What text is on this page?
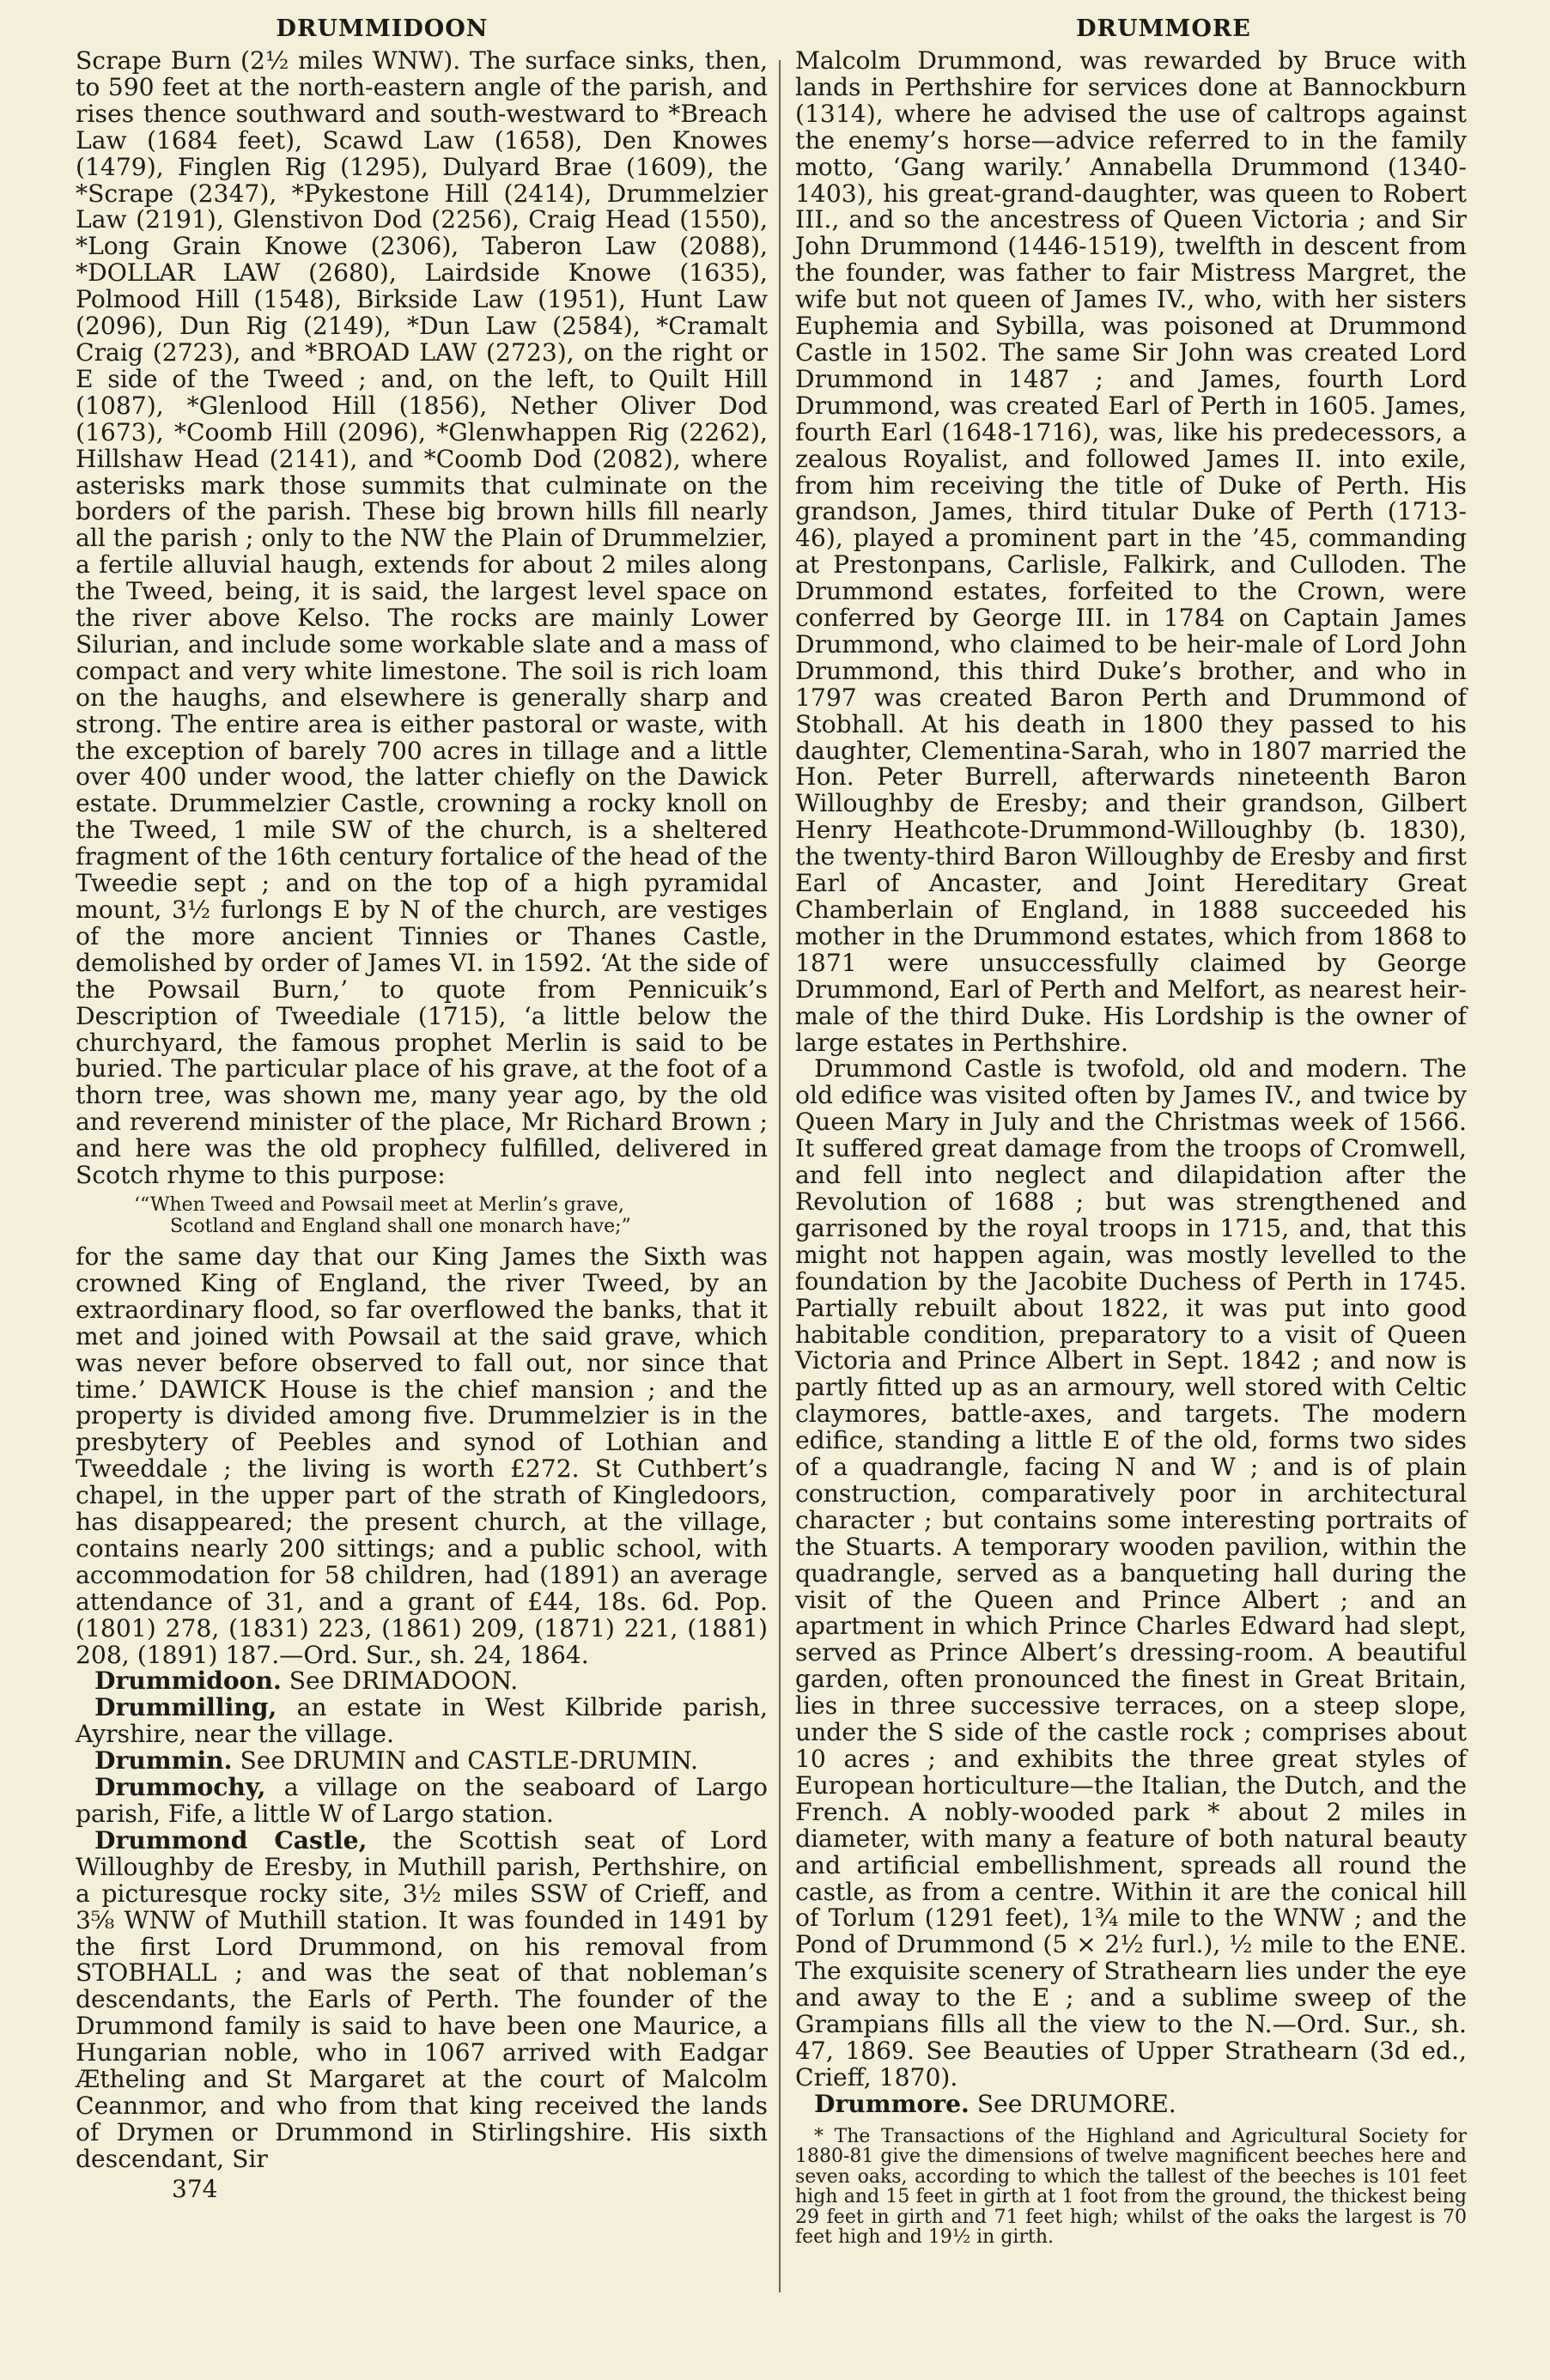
DRUMMIDOON	DRUMMORE

Scrape Burn (2½ miles WNW). The surface sinks, then, to 590 feet at the north-eastern angle of the parish, and rises thence southward and south-westward to *Breach Law (1684 feet), Scawd Law (1658), Den Knowes (1479), Finglen Rig (1295), Dulyard Brae (1609), the *Scrape (2347), *Pykestone Hill (2414), Drummelzier Law (2191), Glenstivon Dod (2256), Craig Head (1550), *Long Grain Knowe (2306), Taberon Law (2088), *DOLLAR LAW (2680), Lairdside Knowe (1635), Polmood Hill (1548), Birkside Law (1951), Hunt Law (2096), Dun Rig (2149), *Dun Law (2584), *Cramalt Craig (2723), and *BROAD LAW (2723), on the right or E side of the Tweed ; and, on the left, to Quilt Hill (1087), *Glenlood Hill (1856), Nether Oliver Dod (1673), *Coomb Hill (2096), *Glenwhappen Rig (2262), Hillshaw Head (2141), and *Coomb Dod (2082), where asterisks mark those summits that culminate on the borders of the parish. These big brown hills fill nearly all the parish ; only to the NW the Plain of Drummelzier, a fertile alluvial haugh, extends for about 2 miles along the Tweed, being, it is said, the largest level space on the river above Kelso. The rocks are mainly Lower Silurian, and include some workable slate and a mass of compact and very white limestone. The soil is rich loam on the haughs, and elsewhere is generally sharp and strong. The entire area is either pastoral or waste, with the exception of barely 700 acres in tillage and a little over 400 under wood, the latter chiefly on the Dawick estate. Drummelzier Castle, crowning a rocky knoll on the Tweed, 1 mile SW of the church, is a sheltered fragment of the 16th century fortalice of the head of the Tweedie sept ; and on the top of a high pyramidal mount, 3½ furlongs E by N of the church, are vestiges of the more ancient Tinnies or Thanes Castle, demolished by order of James VI. in 1592. ‘At the side of the Powsail Burn,’ to quote from Pennicuik’s Description of Tweediale (1715), ‘a little below the churchyard, the famous prophet Merlin is said to be buried. The particular place of his grave, at the foot of a thorn tree, was shown me, many year ago, by the old and reverend minister of the place, Mr Richard Brown ; and here was the old prophecy fulfilled, delivered in Scotch rhyme to this purpose:

‘“When Tweed and Powsail meet at Merlin’s grave,

Scotland and England shall one monarch have;”

for the same day that our King James the Sixth was crowned King of England, the river Tweed, by an extraordinary flood, so far overflowed the banks, that it met and joined with Powsail at the said grave, which was never before observed to fall out, nor since that time.’ DAWICK House is the chief mansion ; and the property is divided among five. Drummelzier is in the presbytery of Peebles and synod of Lothian and Tweeddale ; the living is worth £272. St Cuthbert’s chapel, in the upper part of the strath of Kingledoors, has disappeared; the present church, at the village, contains nearly 200 sittings; and a public school, with accommodation for 58 children, had (1891) an average attendance of 31, and a grant of £44, 18s. 6d. Pop. (1801) 278, (1831) 223, (1861) 209, (1871) 221, (1881) 208, (1891) 187.—Ord. Sur., sh. 24, 1864.

Drummidoon. See DRIMADOON.

Drummilling, an estate in West Kilbride parish, Ayrshire, near the village.

Drummin. See DRUMIN and CASTLE-DRUMIN.

Drummochy, a village on the seaboard of Largo parish, Fife, a little W of Largo station.

Drummond Castle, the Scottish seat of Lord Willoughby de Eresby, in Muthill parish, Perthshire, on a picturesque rocky site, 3½ miles SSW of Crieff, and 3⅝ WNW of Muthill station. It was founded in 1491 by the first Lord Drummond, on his removal from STOBHALL ; and was the seat of that nobleman’s descendants, the Earls of Perth. The founder of the Drummond family is said to have been one Maurice, a Hungarian noble, who in 1067 arrived with Eadgar Ætheling and St Margaret at the court of Malcolm Ceannmor, and who from that king received the lands of Drymen or Drummond in Stirlingshire. His sixth descendant, Sir

374

Malcolm Drummond, was rewarded by Bruce with lands in Perthshire for services done at Bannockburn (1314), where he advised the use of caltrops against the enemy’s horse—advice referred to in the family motto, ‘Gang warily.’ Annabella Drummond (1340-1403), his great-grand-daughter, was queen to Robert III., and so the ancestress of Queen Victoria ; and Sir John Drummond (1446-1519), twelfth in descent from the founder, was father to fair Mistress Margret, the wife but not queen of James IV., who, with her sisters Euphemia and Sybilla, was poisoned at Drummond Castle in 1502. The same Sir John was created Lord Drummond in 1487 ; and James, fourth Lord Drummond, was created Earl of Perth in 1605. James, fourth Earl (1648-1716), was, like his predecessors, a zealous Royalist, and followed James II. into exile, from him receiving the title of Duke of Perth. His grandson, James, third titular Duke of Perth (1713-46), played a prominent part in the ’45, commanding at Prestonpans, Carlisle, Falkirk, and Culloden. The Drummond estates, forfeited to the Crown, were conferred by George III. in 1784 on Captain James Drummond, who claimed to be heir-male of Lord John Drummond, this third Duke’s brother, and who in 1797 was created Baron Perth and Drummond of Stobhall. At his death in 1800 they passed to his daughter, Clementina-Sarah, who in 1807 married the Hon. Peter Burrell, afterwards nineteenth Baron Willoughby de Eresby; and their grandson, Gilbert Henry Heathcote-Drummond-Willoughby (b. 1830), the twenty-third Baron Willoughby de Eresby and first Earl of Ancaster, and Joint Hereditary Great Chamberlain of England, in 1888 succeeded his mother in the Drummond estates, which from 1868 to 1871 were unsuccessfully claimed by George Drummond, Earl of Perth and Melfort, as nearest heir-male of the third Duke. His Lordship is the owner of large estates in Perthshire.

Drummond Castle is twofold, old and modern. The old edifice was visited often by James IV., and twice by Queen Mary in July and the Christmas week of 1566. It suffered great damage from the troops of Cromwell, and fell into neglect and dilapidation after the Revolution of 1688 ; but was strengthened and garrisoned by the royal troops in 1715, and, that this might not happen again, was mostly levelled to the foundation by the Jacobite Duchess of Perth in 1745. Partially rebuilt about 1822, it was put into good habitable condition, preparatory to a visit of Queen Victoria and Prince Albert in Sept. 1842 ; and now is partly fitted up as an armoury, well stored with Celtic claymores, battle-axes, and targets. The modern edifice, standing a little E of the old, forms two sides of a quadrangle, facing N and W ; and is of plain construction, comparatively poor in architectural character ; but contains some interesting portraits of the Stuarts. A temporary wooden pavilion, within the quadrangle, served as a banqueting hall during the visit of the Queen and Prince Albert ; and an apartment in which Prince Charles Edward had slept, served as Prince Albert’s dressing-room. A beautiful garden, often pronounced the finest in Great Britain, lies in three successive terraces, on a steep slope, under the S side of the castle rock ; comprises about 10 acres ; and exhibits the three great styles of European horticulture—the Italian, the Dutch, and the French. A nobly-wooded park * about 2 miles in diameter, with many a feature of both natural beauty and artificial embellishment, spreads all round the castle, as from a centre. Within it are the conical hill of Torlum (1291 feet), 1¾ mile to the WNW ; and the Pond of Drummond (5 × 2½ furl.), ½ mile to the ENE. The exquisite scenery of Strathearn lies under the eye and away to the E ; and a sublime sweep of the Grampians fills all the view to the N.—Ord. Sur., sh. 47, 1869. See Beauties of Upper Strathearn (3d ed., Crieff, 1870).

Drummore. See DRUMORE.

* The Transactions of the Highland and Agricultural Society for 1880-81 give the dimensions of twelve magnificent beeches here and seven oaks, according to which the tallest of the beeches is 101 feet high and 15 feet in girth at 1 foot from the ground, the thickest being 29 feet in girth and 71 feet high; whilst of the oaks the largest is 70 feet high and 19½ in girth.
